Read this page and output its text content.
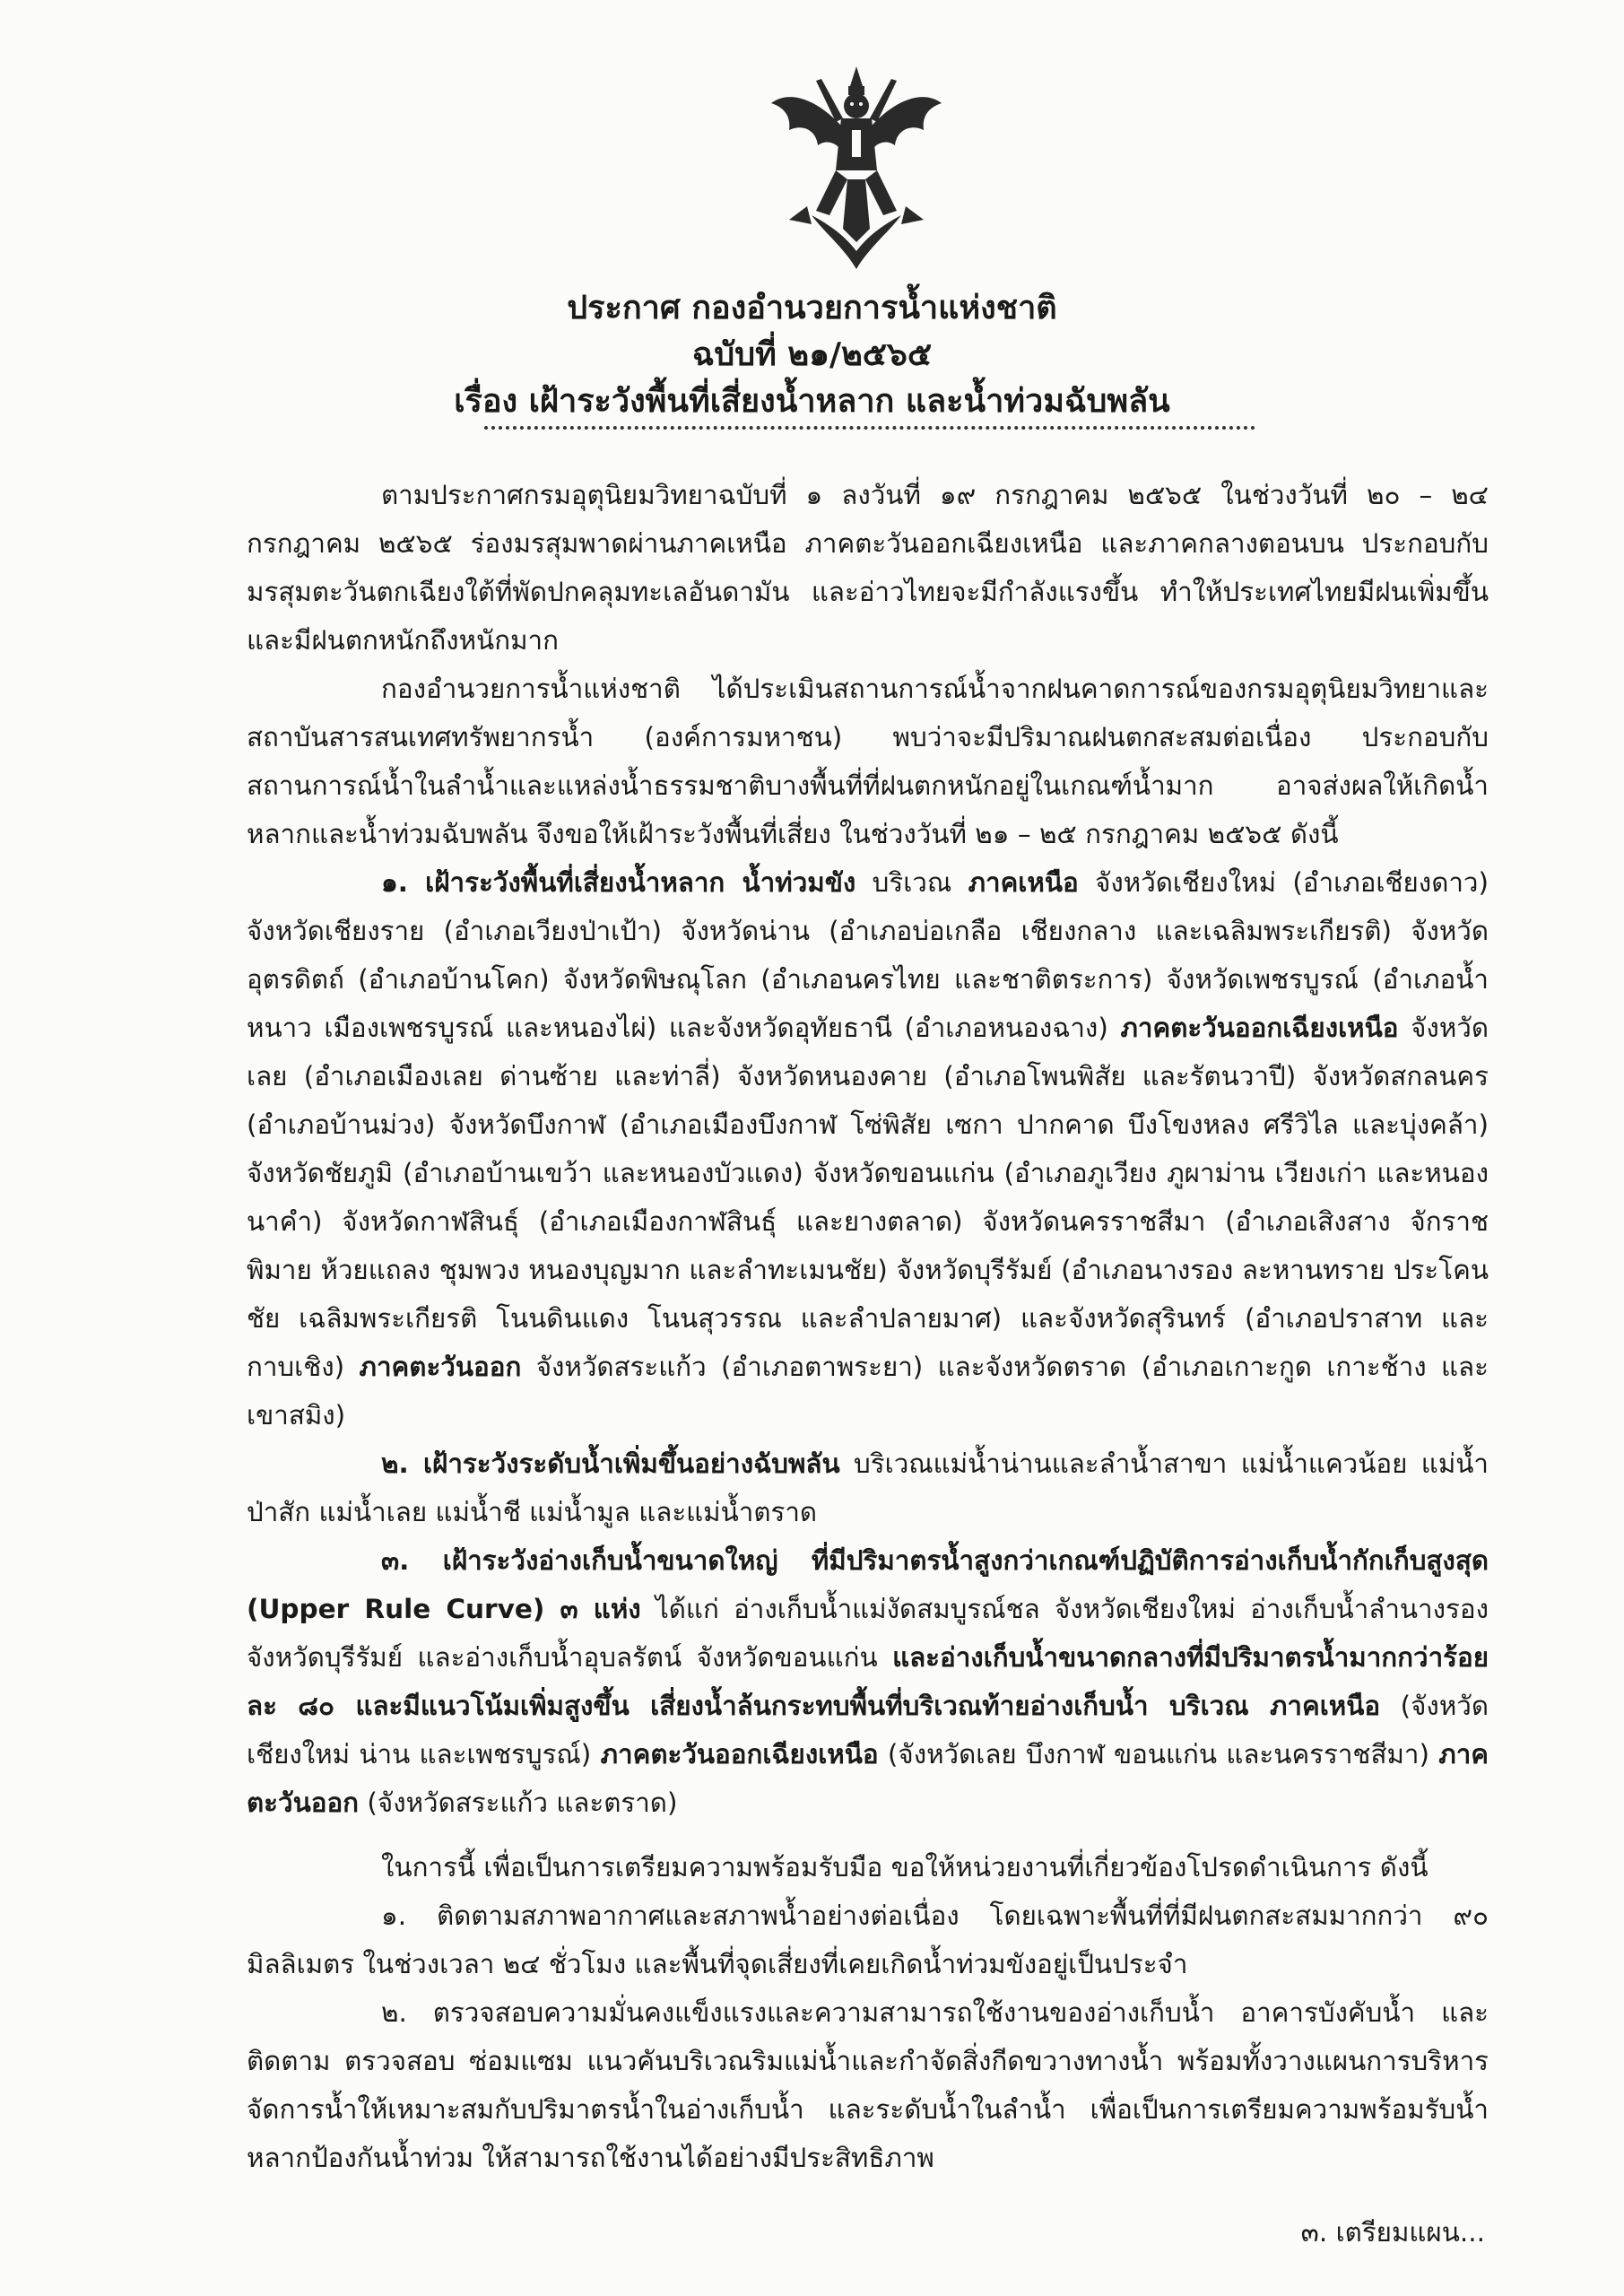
ประกาศ กองอำนวยการน้ำแห่งชาติ
ฉบับที่ ๒๑/๒๕๖๕
เรื่อง เฝ้าระวังพื้นที่เสี่ยงน้ำหลาก และน้ำท่วมฉับพลัน

ตามประกาศกรมอุตุนิยมวิทยาฉบับที่ ๑ ลงวันที่ ๑๙ กรกฎาคม ๒๕๖๕ ในช่วงวันที่ ๒๐ – ๒๔ กรกฎาคม ๒๕๖๕ ร่องมรสุมพาดผ่านภาคเหนือ ภาคตะวันออกเฉียงเหนือ และภาคกลางตอนบน ประกอบกับมรสุมตะวันตกเฉียงใต้ที่พัดปกคลุมทะเลอันดามัน และอ่าวไทยจะมีกำลังแรงขึ้น ทำให้ประเทศไทยมีฝนเพิ่มขึ้นและมีฝนตกหนักถึงหนักมาก

กองอำนวยการน้ำแห่งชาติ ได้ประเมินสถานการณ์น้ำจากฝนคาดการณ์ของกรมอุตุนิยมวิทยาและสถาบันสารสนเทศทรัพยากรน้ำ (องค์การมหาชน) พบว่าจะมีปริมาณฝนตกสะสมต่อเนื่อง ประกอบกับสถานการณ์น้ำในลำน้ำและแหล่งน้ำธรรมชาติบางพื้นที่ที่ฝนตกหนักอยู่ในเกณฑ์น้ำมาก อาจส่งผลให้เกิดน้ำหลากและน้ำท่วมฉับพลัน จึงขอให้เฝ้าระวังพื้นที่เสี่ยง ในช่วงวันที่ ๒๑ – ๒๕ กรกฎาคม ๒๕๖๕ ดังนี้

๑. เฝ้าระวังพื้นที่เสี่ยงน้ำหลาก น้ำท่วมขัง บริเวณ ภาคเหนือ จังหวัดเชียงใหม่ (อำเภอเชียงดาว) จังหวัดเชียงราย (อำเภอเวียงป่าเป้า) จังหวัดน่าน (อำเภอบ่อเกลือ เชียงกลาง และเฉลิมพระเกียรติ) จังหวัดอุตรดิตถ์ (อำเภอบ้านโคก) จังหวัดพิษณุโลก (อำเภอนครไทย และชาติตระการ) จังหวัดเพชรบูรณ์ (อำเภอน้ำหนาว เมืองเพชรบูรณ์ และหนองไผ่) และจังหวัดอุทัยธานี (อำเภอหนองฉาง) ภาคตะวันออกเฉียงเหนือ จังหวัดเลย (อำเภอเมืองเลย ด่านซ้าย และท่าลี่) จังหวัดหนองคาย (อำเภอโพนพิสัย และรัตนวาปี) จังหวัดสกลนคร (อำเภอบ้านม่วง) จังหวัดบึงกาฬ (อำเภอเมืองบึงกาฬ โซ่พิสัย เซกา ปากคาด บึงโขงหลง ศรีวิไล และบุ่งคล้า) จังหวัดชัยภูมิ (อำเภอบ้านเขว้า และหนองบัวแดง) จังหวัดขอนแก่น (อำเภอภูเวียง ภูผาม่าน เวียงเก่า และหนองนาคำ) จังหวัดกาฬสินธุ์ (อำเภอเมืองกาฬสินธุ์ และยางตลาด) จังหวัดนครราชสีมา (อำเภอเสิงสาง จักราช พิมาย ห้วยแถลง ชุมพวง หนองบุญมาก และลำทะเมนชัย) จังหวัดบุรีรัมย์ (อำเภอนางรอง ละหานทราย ประโคนชัย เฉลิมพระเกียรติ โนนดินแดง โนนสุวรรณ และลำปลายมาศ) และจังหวัดสุรินทร์ (อำเภอปราสาท และกาบเชิง) ภาคตะวันออก จังหวัดสระแก้ว (อำเภอตาพระยา) และจังหวัดตราด (อำเภอเกาะกูด เกาะช้าง และเขาสมิง)

๒. เฝ้าระวังระดับน้ำเพิ่มขึ้นอย่างฉับพลัน บริเวณแม่น้ำน่านและลำน้ำสาขา แม่น้ำแควน้อย แม่น้ำป่าสัก แม่น้ำเลย แม่น้ำชี แม่น้ำมูล และแม่น้ำตราด

๓. เฝ้าระวังอ่างเก็บน้ำขนาดใหญ่ ที่มีปริมาตรน้ำสูงกว่าเกณฑ์ปฏิบัติการอ่างเก็บน้ำกักเก็บสูงสุด (Upper Rule Curve) ๓ แห่ง ได้แก่ อ่างเก็บน้ำแม่งัดสมบูรณ์ชล จังหวัดเชียงใหม่ อ่างเก็บน้ำลำนางรอง จังหวัดบุรีรัมย์ และอ่างเก็บน้ำอุบลรัตน์ จังหวัดขอนแก่น และอ่างเก็บน้ำขนาดกลางที่มีปริมาตรน้ำมากกว่าร้อยละ ๘๐ และมีแนวโน้มเพิ่มสูงขึ้น เสี่ยงน้ำล้นกระทบพื้นที่บริเวณท้ายอ่างเก็บน้ำ บริเวณ ภาคเหนือ (จังหวัดเชียงใหม่ น่าน และเพชรบูรณ์) ภาคตะวันออกเฉียงเหนือ (จังหวัดเลย บึงกาฬ ขอนแก่น และนครราชสีมา) ภาคตะวันออก (จังหวัดสระแก้ว และตราด)

ในการนี้ เพื่อเป็นการเตรียมความพร้อมรับมือ ขอให้หน่วยงานที่เกี่ยวข้องโปรดดำเนินการ ดังนี้

๑. ติดตามสภาพอากาศและสภาพน้ำอย่างต่อเนื่อง โดยเฉพาะพื้นที่ที่มีฝนตกสะสมมากกว่า ๙๐ มิลลิเมตร ในช่วงเวลา ๒๔ ชั่วโมง และพื้นที่จุดเสี่ยงที่เคยเกิดน้ำท่วมขังอยู่เป็นประจำ

๒. ตรวจสอบความมั่นคงแข็งแรงและความสามารถใช้งานของอ่างเก็บน้ำ อาคารบังคับน้ำ และติดตาม ตรวจสอบ ซ่อมแซม แนวคันบริเวณริมแม่น้ำและกำจัดสิ่งกีดขวางทางน้ำ พร้อมทั้งวางแผนการบริหารจัดการน้ำให้เหมาะสมกับปริมาตรน้ำในอ่างเก็บน้ำ และระดับน้ำในลำน้ำ เพื่อเป็นการเตรียมความพร้อมรับน้ำหลากป้องกันน้ำท่วม ให้สามารถใช้งานได้อย่างมีประสิทธิภาพ

๓. เตรียมแผน...
